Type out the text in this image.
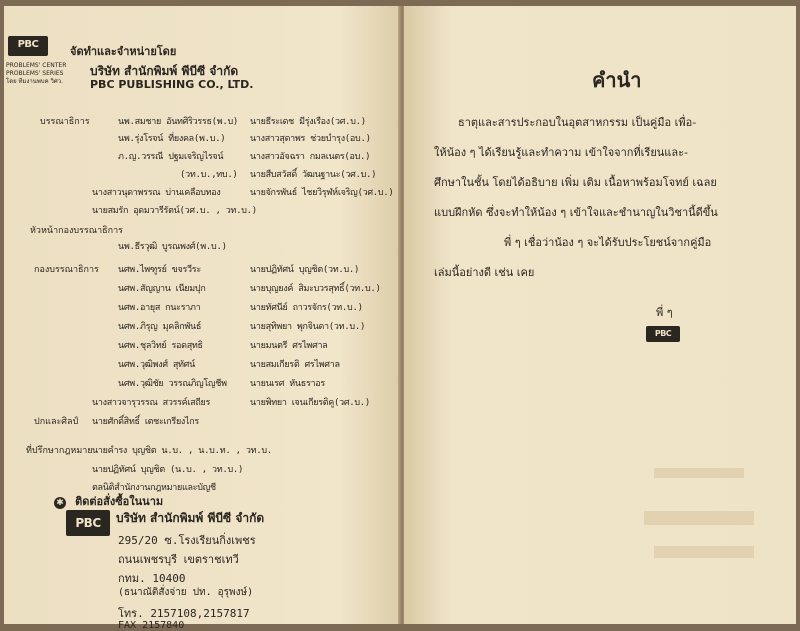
PBC
จัดทำและจำหน่ายโดย
PROBLEMS' CENTER
PROBLEMS' SERIES
โดย ทีมงานพบค วิศว.
บริษัท สำนักพิมพ์ พีบีซี จำกัด
PBC PUBLISHING CO., LTD.
บรรณาธิการ	นพ.สมชาย อันทศิริวรรธ(พ.บ) นายธีระเดช มีรุ่งเรือง(วศ.บ.)
นพ.รุ่งโรจน์ ที่ยงคล(พ.บ.)	นางสาวสุดาพร ช่วยบำรุง(อบ.)
ภ.ญ.วรรณี ปฐมเจริญไรจน์	นางสาวอัจฉรา กมลเนตร(อบ.)
(วท.บ.,ทบ.) นายสืบสวัสดิ์ วัฒนฐานะ(วศ.บ.)
นางสาวนุดาพรรณ บ่านเคลือบทอง	นายจักรพันธ์ ไชยวิรุฬห์เจริญ(วศ.บ.)
นายสมรัก อุดมวารีรัตน์(วศ.บ. , วท.บ.)
หัวหน้ากองบรรณาธิการ
นพ.ธีรวุฒิ บูรณพงศ์(พ.บ.)
กองบรรณาธิการ นศพ.ไพฑูรย์ ขจรวีระ	นายปฏิทัศน์ บุญชิต(วท.บ.)
นศพ.สัญญาน เนียมปุก	นายบุญยงค์ สิมะบวรสุทธิ์(วท.บ.)
นศพ.อายุส กนะราภา	นายทัศนีย์ ถาวรจักร(วท.บ.)
นศพ.ภิรุญ มุคลิกพันธ์	นายสุทิพยา พุกจินดา(วท.บ.)
นศพ.ชุลวิทย์ รอดสุทธิ	นายมนตรี ศรไพศาล
นศพ.วุฒิพงศ์ สุทัศน์	นายสมเกียรติ ศรไพศาล
นศพ.วุฒิชัย วรรณภิญโญชีพ	นายนเรศ หันธราอร
นางสาวจารุวรรณ สวรรค์เสถียร	นายพิทยา เจนเกียรติคู(วศ.บ.)
ปกและศิลป์ นายศักดิ์สิทธิ์ เตชะเกรียงไกร
ที่ปรึกษากฎหมาย นายคำรง บุญชิต น.บ. , น.บ.ท. , วท.บ.
นายปฏิทัศน์ บุญชิต (น.บ. , วท.บ.)
ตลนิติสำนักงานกฎหมายและบัญชี
✱ ติดต่อสั่งซื้อในนาม
PBC	บริษัท สำนักพิมพ์ พีบีซี จำกัด
295/20 ซ.โรงเรียนกิ่งเพชร
ถนนเพชรบุรี เขตราชเทวี
กทม. 10400
(ธนาณัติสั่งจ่าย ปท. อุรุพงษ์)
โทร. 2157108,2157817
FAX 2157840
คำนำ
ธาตุและสารประกอบในอุตสาหกรรม เป็นคู่มือ เพื่อ-
ให้น้อง ๆ ได้เรียนรู้และทำความ เข้าใจจากที่เรียนและ-
ศึกษาในชั้น โดยได้อธิบาย เพิ่ม เติม เนื้อหาพร้อมโจทย์ เฉลย
แบบฝึกหัด ซึ่งจะทำให้น้อง ๆ เข้าใจและชำนาญในวิชานี้ดีขึ้น
พี่ ๆ เชื่อว่าน้อง ๆ จะได้รับประโยชน์จากคู่มือ
เล่มนี้อย่างดี เช่น เคย
พี่ ๆ
PBC
